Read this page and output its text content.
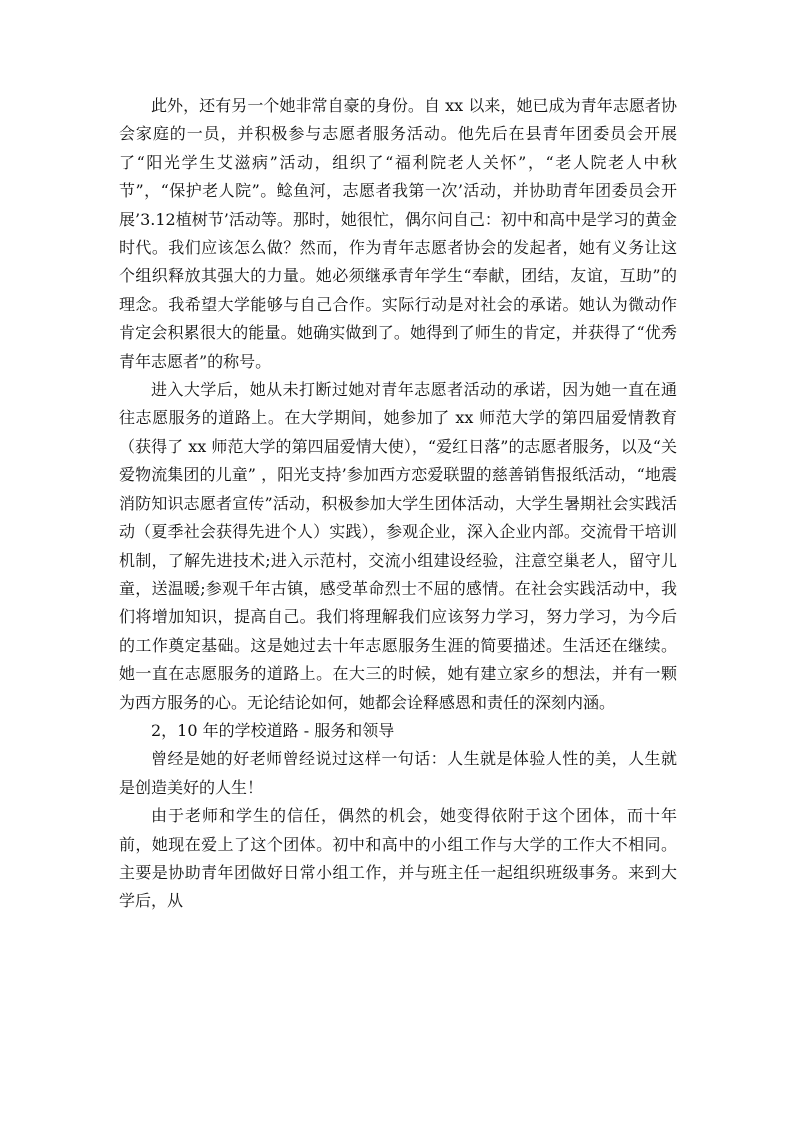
此外，还有另一个她非常自豪的身份。自 xx 以来，她已成为青年志愿者协会家庭的一员，并积极参与志愿者服务活动。他先后在县青年团委员会开展了“阳光学生艾滋病”活动，组织了“福利院老人关怀”，“老人院老人中秋节”，“保护老人院”。鲶鱼河，志愿者我第一次’活动，并协助青年团委员会开展’3.12植树节’活动等。那时，她很忙，偶尔问自己：初中和高中是学习的黄金时代。我们应该怎么做？然而，作为青年志愿者协会的发起者，她有义务让这个组织释放其强大的力量。她必须继承青年学生“奉献，团结，友谊，互助”的理念。我希望大学能够与自己合作。实际行动是对社会的承诺。她认为微动作肯定会积累很大的能量。她确实做到了。她得到了师生的肯定，并获得了“优秀青年志愿者”的称号。

进入大学后，她从未打断过她对青年志愿者活动的承诺，因为她一直在通往志愿服务的道路上。在大学期间，她参加了 xx 师范大学的第四届爱情教育（获得了 xx 师范大学的第四届爱情大使），“爱红日落”的志愿者服务，以及“关爱物流集团的儿童” ，阳光支持’参加西方恋爱联盟的慈善销售报纸活动，“地震消防知识志愿者宣传”活动，积极参加大学生团体活动，大学生暑期社会实践活动（夏季社会获得先进个人）实践），参观企业，深入企业内部。交流骨干培训机制，了解先进技术;进入示范村，交流小组建设经验，注意空巢老人，留守儿童，送温暖;参观千年古镇，感受革命烈士不屈的感情。在社会实践活动中，我们将增加知识，提高自己。我们将理解我们应该努力学习，努力学习，为今后的工作奠定基础。这是她过去十年志愿服务生涯的简要描述。生活还在继续。她一直在志愿服务的道路上。在大三的时候，她有建立家乡的想法，并有一颗为西方服务的心。无论结论如何，她都会诠释感恩和责任的深刻内涵。

2，10 年的学校道路 - 服务和领导

曾经是她的好老师曾经说过这样一句话：人生就是体验人性的美，人生就是创造美好的人生！

由于老师和学生的信任，偶然的机会，她变得依附于这个团体，而十年前，她现在爱上了这个团体。初中和高中的小组工作与大学的工作大不相同。主要是协助青年团做好日常小组工作，并与班主任一起组织班级事务。来到大学后，从
